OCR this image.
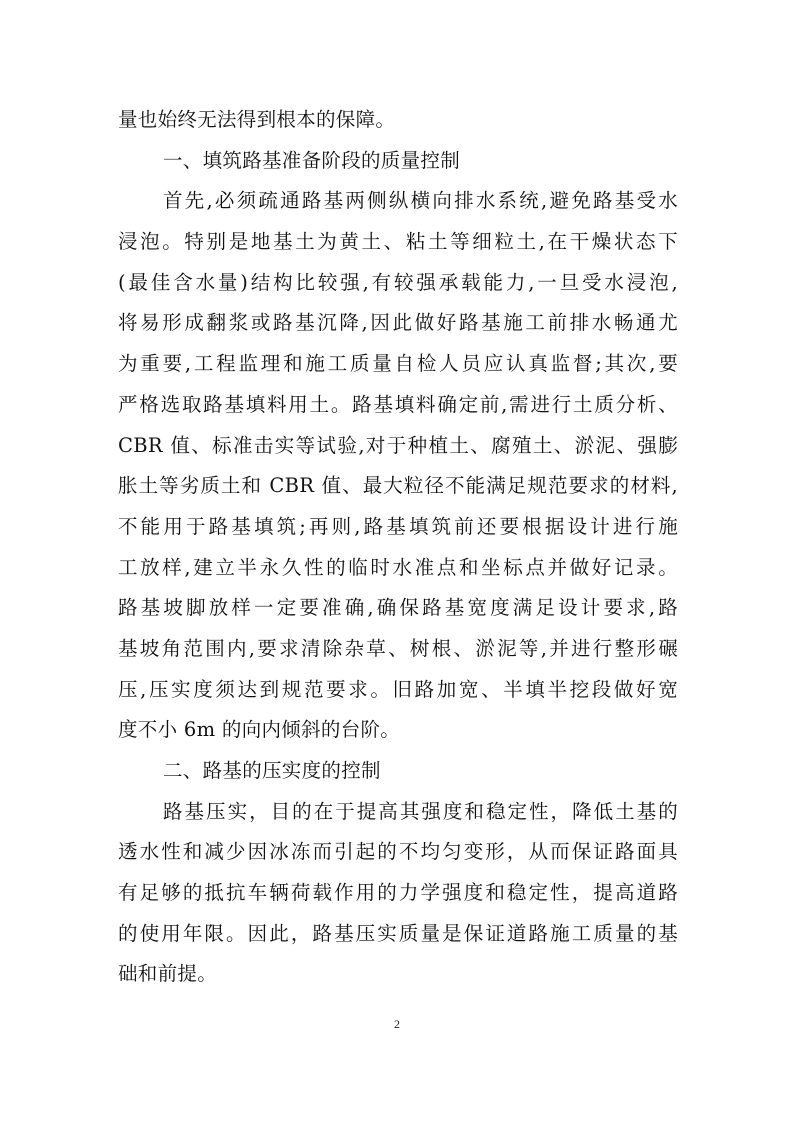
量也始终无法得到根本的保障。
一、填筑路基准备阶段的质量控制
首先,必须疏通路基两侧纵横向排水系统,避免路基受水
浸泡。特别是地基土为黄土、粘土等细粒土,在干燥状态下
(最佳含水量)结构比较强,有较强承载能力,一旦受水浸泡,
将易形成翻浆或路基沉降,因此做好路基施工前排水畅通尤
为重要,工程监理和施工质量自检人员应认真监督;其次,要
严格选取路基填料用土。路基填料确定前,需进行土质分析、
CBR 值、标准击实等试验,对于种植土、腐殖土、淤泥、强膨
胀土等劣质土和 CBR 值、最大粒径不能满足规范要求的材料,
不能用于路基填筑;再则,路基填筑前还要根据设计进行施
工放样,建立半永久性的临时水准点和坐标点并做好记录。
路基坡脚放样一定要准确,确保路基宽度满足设计要求,路
基坡角范围内,要求清除杂草、树根、淤泥等,并进行整形碾
压,压实度须达到规范要求。旧路加宽、半填半挖段做好宽
度不小 6m 的向内倾斜的台阶。
二、路基的压实度的控制
路基压实，目的在于提高其强度和稳定性，降低土基的
透水性和减少因冰冻而引起的不均匀变形，从而保证路面具
有足够的抵抗车辆荷载作用的力学强度和稳定性，提高道路
的使用年限。因此，路基压实质量是保证道路施工质量的基
础和前提。
2
